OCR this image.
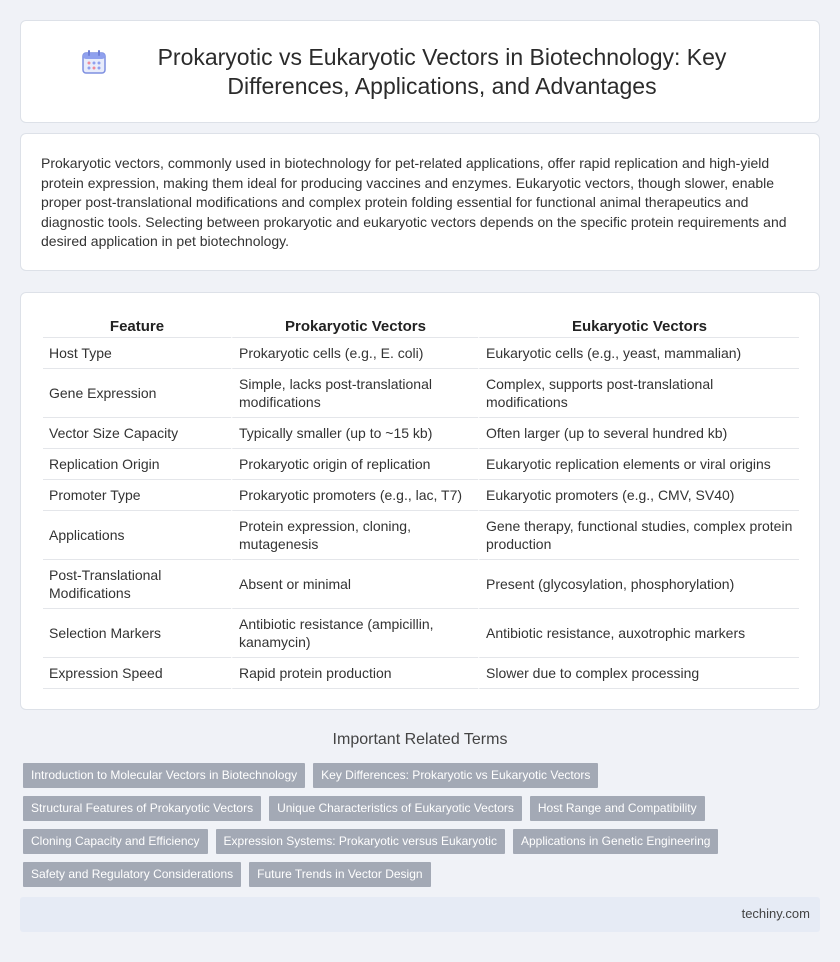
Prokaryotic vs Eukaryotic Vectors in Biotechnology: Key Differences, Applications, and Advantages

Prokaryotic vectors, commonly used in biotechnology for pet-related applications, offer rapid replication and high-yield protein expression, making them ideal for producing vaccines and enzymes. Eukaryotic vectors, though slower, enable proper post-translational modifications and complex protein folding essential for functional animal therapeutics and diagnostic tools. Selecting between prokaryotic and eukaryotic vectors depends on the specific protein requirements and desired application in pet biotechnology.

Feature	Prokaryotic Vectors	Eukaryotic Vectors
Host Type	Prokaryotic cells (e.g., E. coli)	Eukaryotic cells (e.g., yeast, mammalian)
Gene Expression	Simple, lacks post-translational modifications	Complex, supports post-translational modifications
Vector Size Capacity	Typically smaller (up to ~15 kb)	Often larger (up to several hundred kb)
Replication Origin	Prokaryotic origin of replication	Eukaryotic replication elements or viral origins
Promoter Type	Prokaryotic promoters (e.g., lac, T7)	Eukaryotic promoters (e.g., CMV, SV40)
Applications	Protein expression, cloning, mutagenesis	Gene therapy, functional studies, complex protein production
Post-Translational Modifications	Absent or minimal	Present (glycosylation, phosphorylation)
Selection Markers	Antibiotic resistance (ampicillin, kanamycin)	Antibiotic resistance, auxotrophic markers
Expression Speed	Rapid protein production	Slower due to complex processing
Important Related Terms
Introduction to Molecular Vectors in Biotechnology	Key Differences: Prokaryotic vs Eukaryotic Vectors
Structural Features of Prokaryotic Vectors	Unique Characteristics of Eukaryotic Vectors	Host Range and Compatibility
Cloning Capacity and Efficiency	Expression Systems: Prokaryotic versus Eukaryotic	Applications in Genetic Engineering
Safety and Regulatory Considerations	Future Trends in Vector Design
techiny.com
